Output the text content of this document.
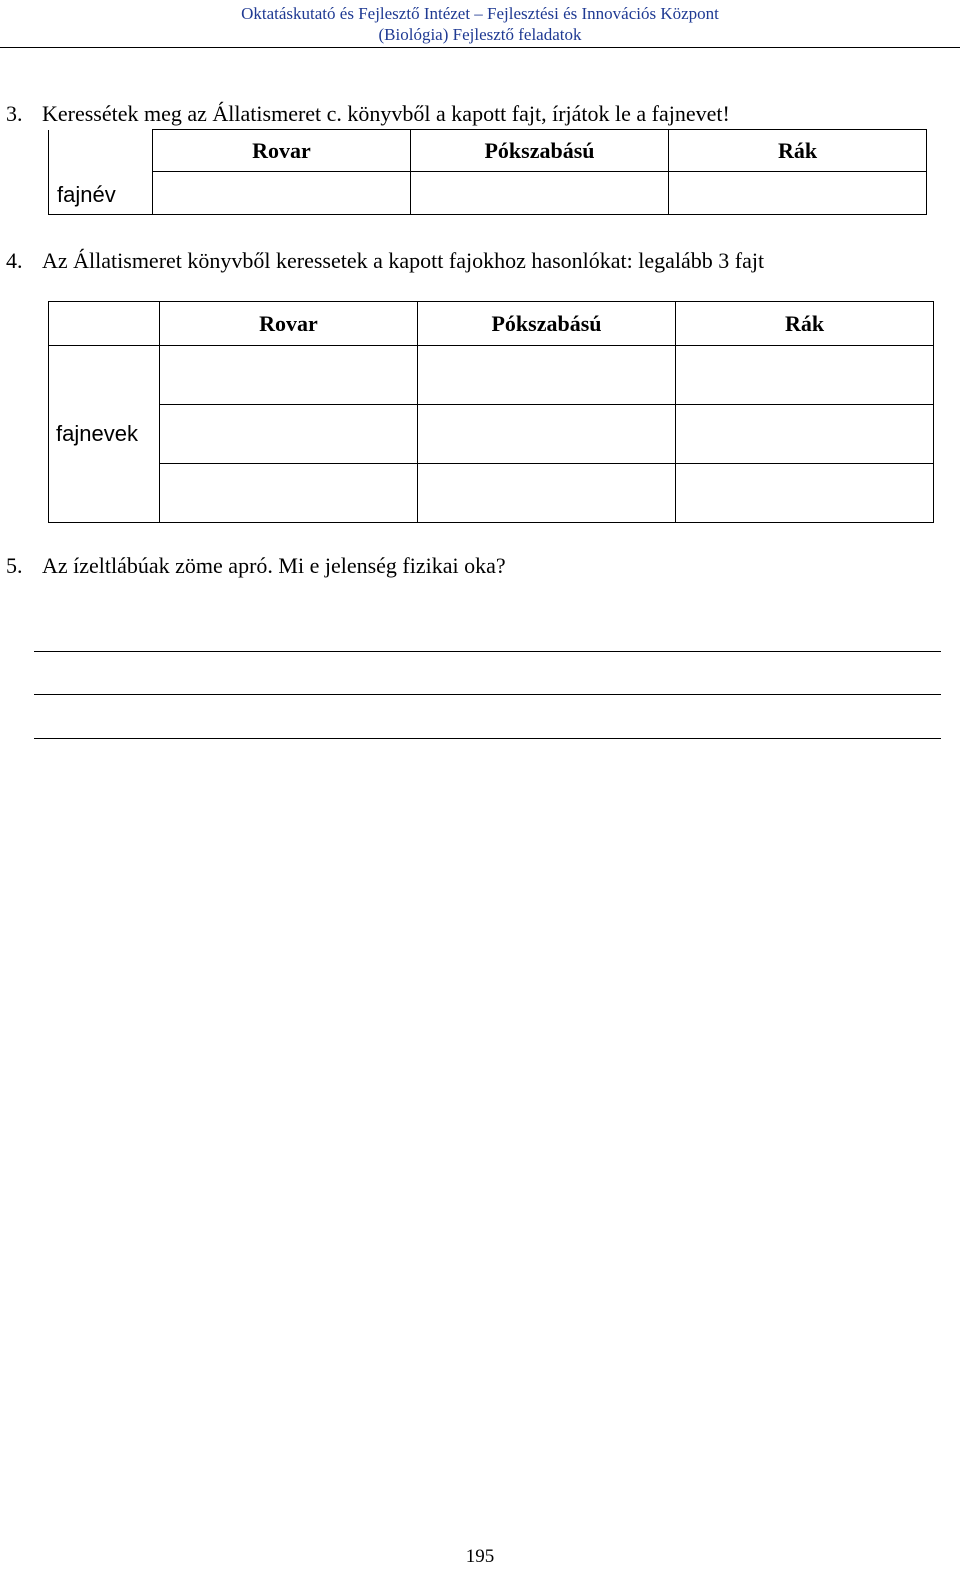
Oktatáskutató és Fejlesztő Intézet – Fejlesztési és Innovációs Központ
(Biológia) Fejlesztő feladatok
3. Keressétek meg az Állatismeret c. könyvből a kapott fajt, írjátok le a fajnevet!
fajnév	Rovar	Pókszabású	Rák

4. Az Állatismeret könyvből keressetek a kapott fajokhoz hasonlókat: legalább 3 fajt
	Rovar	Pókszabású	Rák
fajnevek			

5. Az ízeltlábúak zöme apró. Mi e jelenség fizikai oka?
195
